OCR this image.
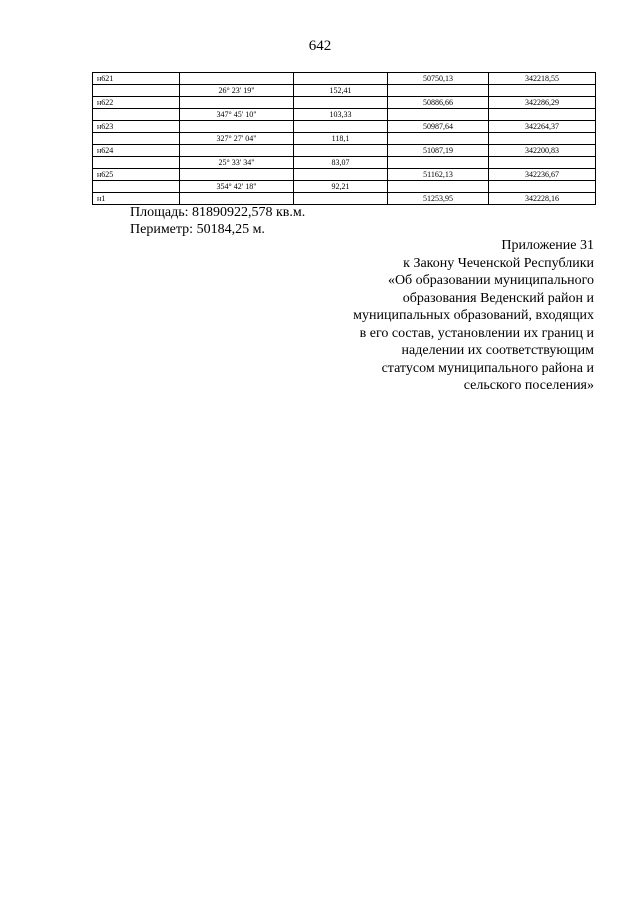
642
н621			50750,13	342218,55
	26° 23' 19"	152,41		
н622			50886,66	342286,29
	347° 45' 10"	103,33		
н623			50987,64	342264,37
	327° 27' 04"	118,1		
н624			51087,19	342200,83
	25° 33' 34"	83,07		
н625			51162,13	342236,67
	354° 42' 18"	92,21		
н1			51253,95	342228,16
Площадь: 81890922,578 кв.м.
Периметр: 50184,25 м.
Приложение 31
к Закону Чеченской Республики
«Об образовании муниципального
образования Веденский район и
муниципальных образований, входящих
в его состав, установлении их границ и
наделении их соответствующим
статусом муниципального района и
сельского поселения»
